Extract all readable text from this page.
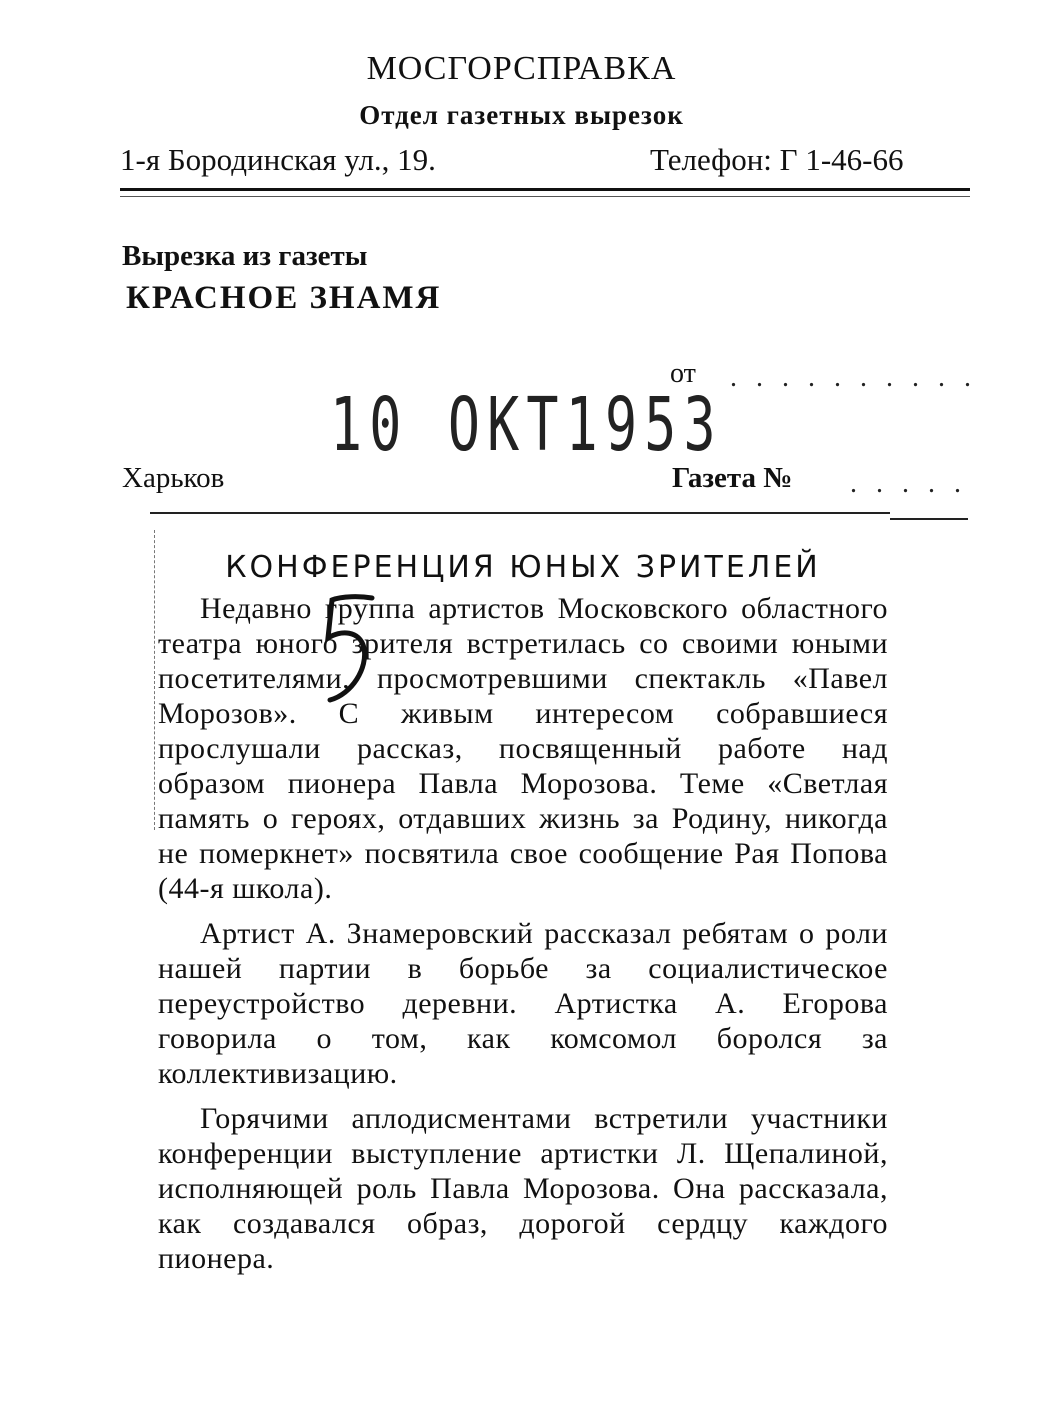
МОСГОРСПРАВКА
Отдел газетных вырезок
1-я Бородинская ул., 19.	Телефон: Г 1-46-66
Вырезка из газеты
КРАСНОЕ ЗНАМЯ
от . . . . . . . . . .
10 ОКТ1953
Харьков	Газета № . . . . .
КОНФЕРЕНЦИЯ ЮНЫХ ЗРИТЕЛЕЙ

Недавно группа артистов Московского областного театра юного зрителя встретилась со своими юными посетителями, просмотревшими спектакль «Павел Морозов». С живым интересом собравшиеся прослушали рассказ, посвященный работе над образом пионера Павла Морозова. Теме «Светлая память о героях, отдавших жизнь за Родину, никогда не померкнет» посвятила свое сообщение Рая Попова (44-я школа).

Артист А. Знамеровский рассказал ребятам о роли нашей партии в борьбе за социалистическое переустройство деревни. Артистка А. Егорова говорила о том, как комсомол боролся за коллективизацию.

Горячими аплодисментами встретили участники конференции выступление артистки Л. Щепалиной, исполняющей роль Павла Морозова. Она рассказала, как создавался образ, дорогой сердцу каждого пионера.
